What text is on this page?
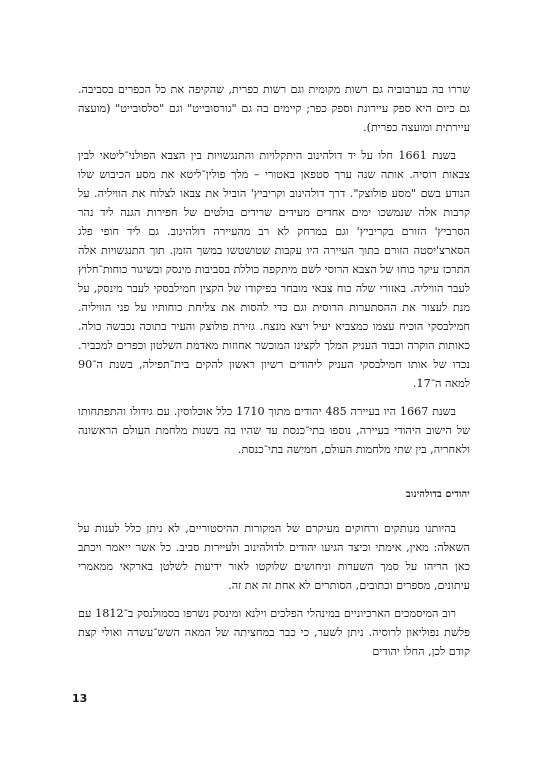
שררו בה בערבוביה גם רשות מקומית וגם רשות כפרית, שהקיפה את כל הכפרים בסביבה. גם כיום היא ספק עיירונת וספק כפר; קיימים בה גם "גורסובייט" וגם "סלסובייט" (מועצה עיירתית ומועצה כפרית).

בשנת 1661 חלו על יד דולהינוב היתקלויות והתנגשויות בין הצבא הפולני־ליטאי לבין צבאות רוסיה. אותה שנה ערך סטפאן באטורי – מלך פולין־ליטא את מסע הכיבוש שלו הנודע בשם "מסע פולוצק". דרך דולהינוב וקריביץ' הוביל את צבאו לצלוח את הוויליה. על קרבות אלה שנמשכו ימים אחדים מעידים שרידים בולטים של חפירות הגנה ליד נהר הסרביץ' הזורם בקריביץ' וגם במרחק לא רב מהעיירה דולהינוב. גם ליד חופי פלג הסארצ'יסטה הזורם בתוך העיירה היו עקבות שטושטשו במשך הזמן. תוך התנגשויות אלה התרכז עיקר כוחו של הצבא הרוסי לשם מיתקפה כוללת בסביבות מינסק ובשיגור כוחות־חלוץ לעבר הוויליה. באזורי שלה כוח צבאי מובחר בפיקודו של הקצין חמילבסקי לעבר מינסק, על מנת לעצור את ההסתערות הרוסית וגם כדי להסות את צליחת כוחותיו על פני הוויליה. חמילבסקי הוכיח עצמו כמצביא יעיל ויצא מנצח. גזירת פולוצק והעיר בתוכה נכבשה כולה. כאותות הוקרה וכבוד העניק המלך לקצינו המוכשר אחוזות מאדמת השלטון וכפרים למכביר. נכדו של אותו חמילבסקי העניק ליהודים רשיון ראשון להקים בית־תפילה, בשנת ה־90 למאה ה־17.

בשנת 1667 היו בעיירה 485 יהודים מתוך 1710 כלל אוכלוסין. עם גידולו והתפתחותו של הישוב היהודי בעיירה, נוספו בתי־כנסת עד שהיו בה בשנות מלחמת העולם הראשונה ולאחריה, בין שתי מלחמות העולם, חמישה בתי־כנסת.

יהודים בדולהינוב

בהיותנו מנותקים ורחוקים מעיקרם של המקורות ההיסטוריים, לא ניתן כלל לענות על השאלה: מאין, אימתי וכיצד הגיעו יהודים לדולהינוב ולעיירות סביב. כל אשר ייאמר ויכתב כאן הריהו על סמך השערות וניחושים שלוקטו לאור ידיעות לשלטן בארקאי ממאמרי עיתונים, מספרים וכתובים, הסותרים לא אחת זה את זה.

רוב המיסמכים הארכיוניים במינהלי הפלכים וילנא ומינסק נשרפו בסמולנסק ב־1812 עם פלשת נפוליאון לרוסיה. ניתן לשער, כי כבר במחציתה של המאה השש־עשרה ואולי קצת קודם לכן, החלו יהודים

13
